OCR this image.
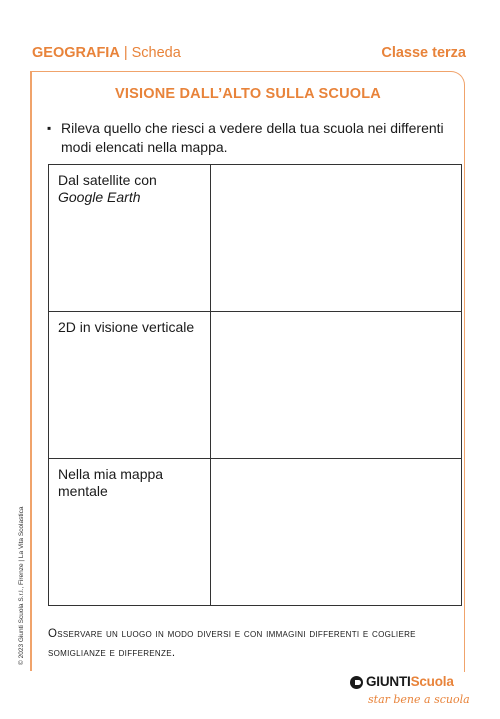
GEOGRAFIA | Scheda	Classe terza
VISIONE DALL’ALTO SULLA SCUOLA
▪ Rileva quello che riesci a vedere della tua scuola nei differenti modi elencati nella mappa.
Dal satellite con
Google Earth	
2D in visione verticale	
Nella mia mappa mentale	
Osservare un luogo in modo diversi e con immagini differenti e cogliere somiglianze e differenze.
© 2023 Giunti Scuola S.r.l., Firenze | La Vita Scolastica
GIUNTIScuola
star bene a scuola
